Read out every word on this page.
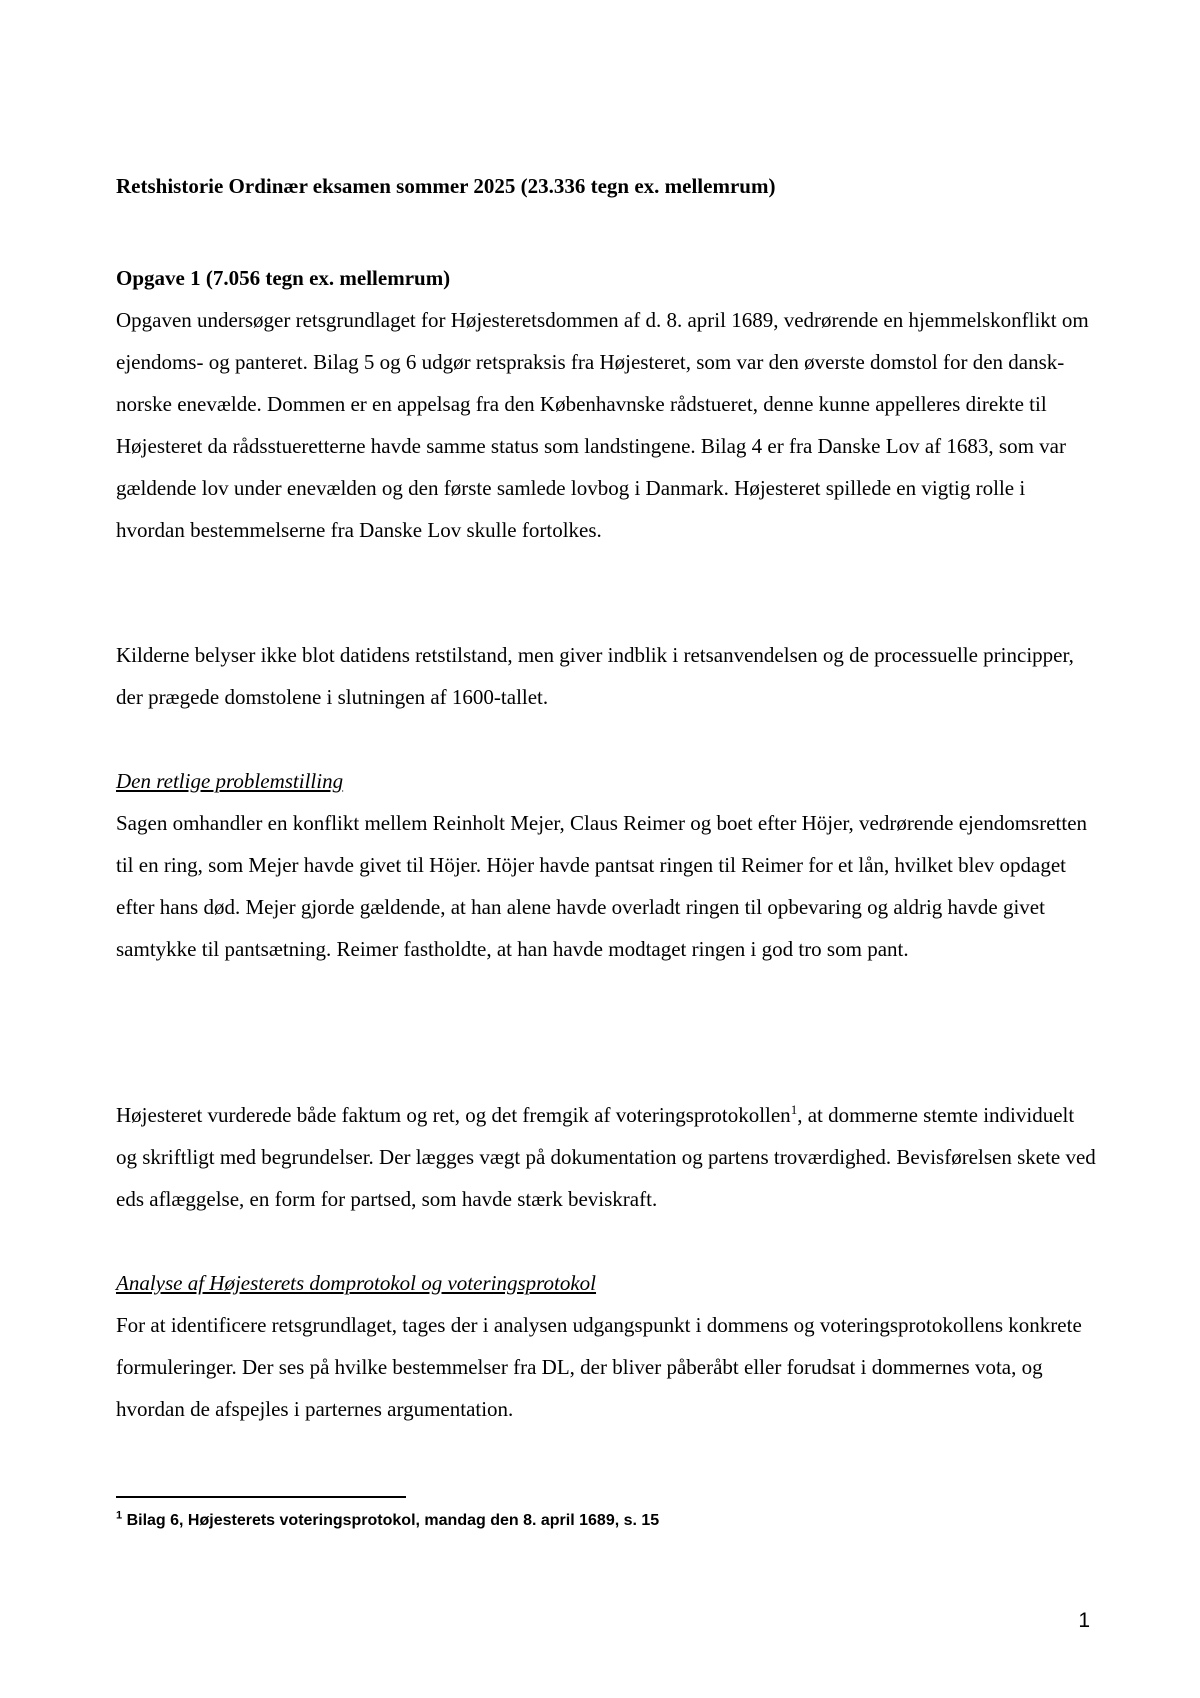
Retshistorie Ordinær eksamen sommer 2025 (23.336 tegn ex. mellemrum)

Opgave 1 (7.056 tegn ex. mellemrum)

Opgaven undersøger retsgrundlaget for Højesteretsdommen af d. 8. april 1689, vedrørende en hjemmelskonflikt om ejendoms- og panteret. Bilag 5 og 6 udgør retspraksis fra Højesteret, som var den øverste domstol for den dansk-norske enevælde. Dommen er en appelsag fra den Københavnske rådstueret, denne kunne appelleres direkte til Højesteret da rådsstueretterne havde samme status som landstingene. Bilag 4 er fra Danske Lov af 1683, som var gældende lov under enevælden og den første samlede lovbog i Danmark. Højesteret spillede en vigtig rolle i hvordan bestemmelserne fra Danske Lov skulle fortolkes.

Kilderne belyser ikke blot datidens retstilstand, men giver indblik i retsanvendelsen og de processuelle principper, der prægede domstolene i slutningen af 1600-tallet.

Den retlige problemstilling

Sagen omhandler en konflikt mellem Reinholt Mejer, Claus Reimer og boet efter Höjer, vedrørende ejendomsretten til en ring, som Mejer havde givet til Höjer. Höjer havde pantsat ringen til Reimer for et lån, hvilket blev opdaget efter hans død. Mejer gjorde gældende, at han alene havde overladt ringen til opbevaring og aldrig havde givet samtykke til pantsætning. Reimer fastholdte, at han havde modtaget ringen i god tro som pant.

Højesteret vurderede både faktum og ret, og det fremgik af voteringsprotokollen$^1$, at dommerne stemte individuelt og skriftligt med begrundelser. Der lægges vægt på dokumentation og partens troværdighed. Bevisførelsen skete ved eds aflæggelse, en form for partsed, som havde stærk beviskraft.

Analyse af Højesterets domprotokol og voteringsprotokol

For at identificere retsgrundlaget, tages der i analysen udgangspunkt i dommens og voteringsprotokollens konkrete formuleringer. Der ses på hvilke bestemmelser fra DL, der bliver påberåbt eller forudsat i dommernes vota, og hvordan de afspejles i parternes argumentation.

$^1$ Bilag 6, Højesterets voteringsprotokol, mandag den 8. april 1689, s. 15
1
